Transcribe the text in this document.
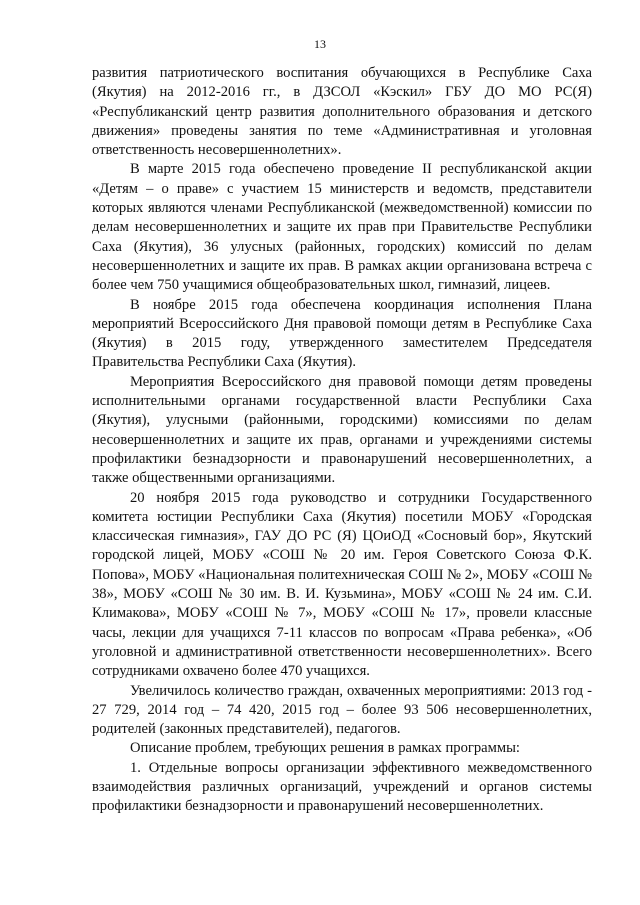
13

развития патриотического воспитания обучающихся в Республике Саха (Якутия) на 2012-2016 гг., в ДЗСОЛ «Кэскил» ГБУ ДО МО РС(Я) «Республиканский центр развития дополнительного образования и детского движения» проведены занятия по теме «Административная и уголовная ответственность несовершеннолетних».

В марте 2015 года обеспечено проведение II республиканской акции «Детям – о праве» с участием 15 министерств и ведомств, представители которых являются членами Республиканской (межведомственной) комиссии по делам несовершеннолетних и защите их прав при Правительстве Республики Саха (Якутия), 36 улусных (районных, городских) комиссий по делам несовершеннолетних и защите их прав. В рамках акции организована встреча с более чем 750 учащимися общеобразовательных школ, гимназий, лицеев.

В ноябре 2015 года обеспечена координация исполнения Плана мероприятий Всероссийского Дня правовой помощи детям в Республике Саха (Якутия) в 2015 году, утвержденного заместителем Председателя Правительства Республики Саха (Якутия).

Мероприятия Всероссийского дня правовой помощи детям проведены исполнительными органами государственной власти Республики Саха (Якутия), улусными (районными, городскими) комиссиями по делам несовершеннолетних и защите их прав, органами и учреждениями системы профилактики безнадзорности и правонарушений несовершеннолетних, а также общественными организациями.

20 ноября 2015 года руководство и сотрудники Государственного комитета юстиции Республики Саха (Якутия) посетили МОБУ «Городская классическая гимназия», ГАУ ДО РС (Я) ЦОиОД «Сосновый бор», Якутский городской лицей, МОБУ «СОШ № 20 им. Героя Советского Союза Ф.К. Попова», МОБУ «Национальная политехническая СОШ № 2», МОБУ «СОШ № 38», МОБУ «СОШ № 30 им. В. И. Кузьмина», МОБУ «СОШ № 24 им. С.И. Климакова», МОБУ «СОШ № 7», МОБУ «СОШ № 17», провели классные часы, лекции для учащихся 7-11 классов по вопросам «Права ребенка», «Об уголовной и административной ответственности несовершеннолетних». Всего сотрудниками охвачено более 470 учащихся.

Увеличилось количество граждан, охваченных мероприятиями: 2013 год - 27 729, 2014 год – 74 420, 2015 год – более 93 506 несовершеннолетних, родителей (законных представителей), педагогов.

Описание проблем, требующих решения в рамках программы:

1. Отдельные вопросы организации эффективного межведомственного взаимодействия различных организаций, учреждений и органов системы профилактики безнадзорности и правонарушений несовершеннолетних.
